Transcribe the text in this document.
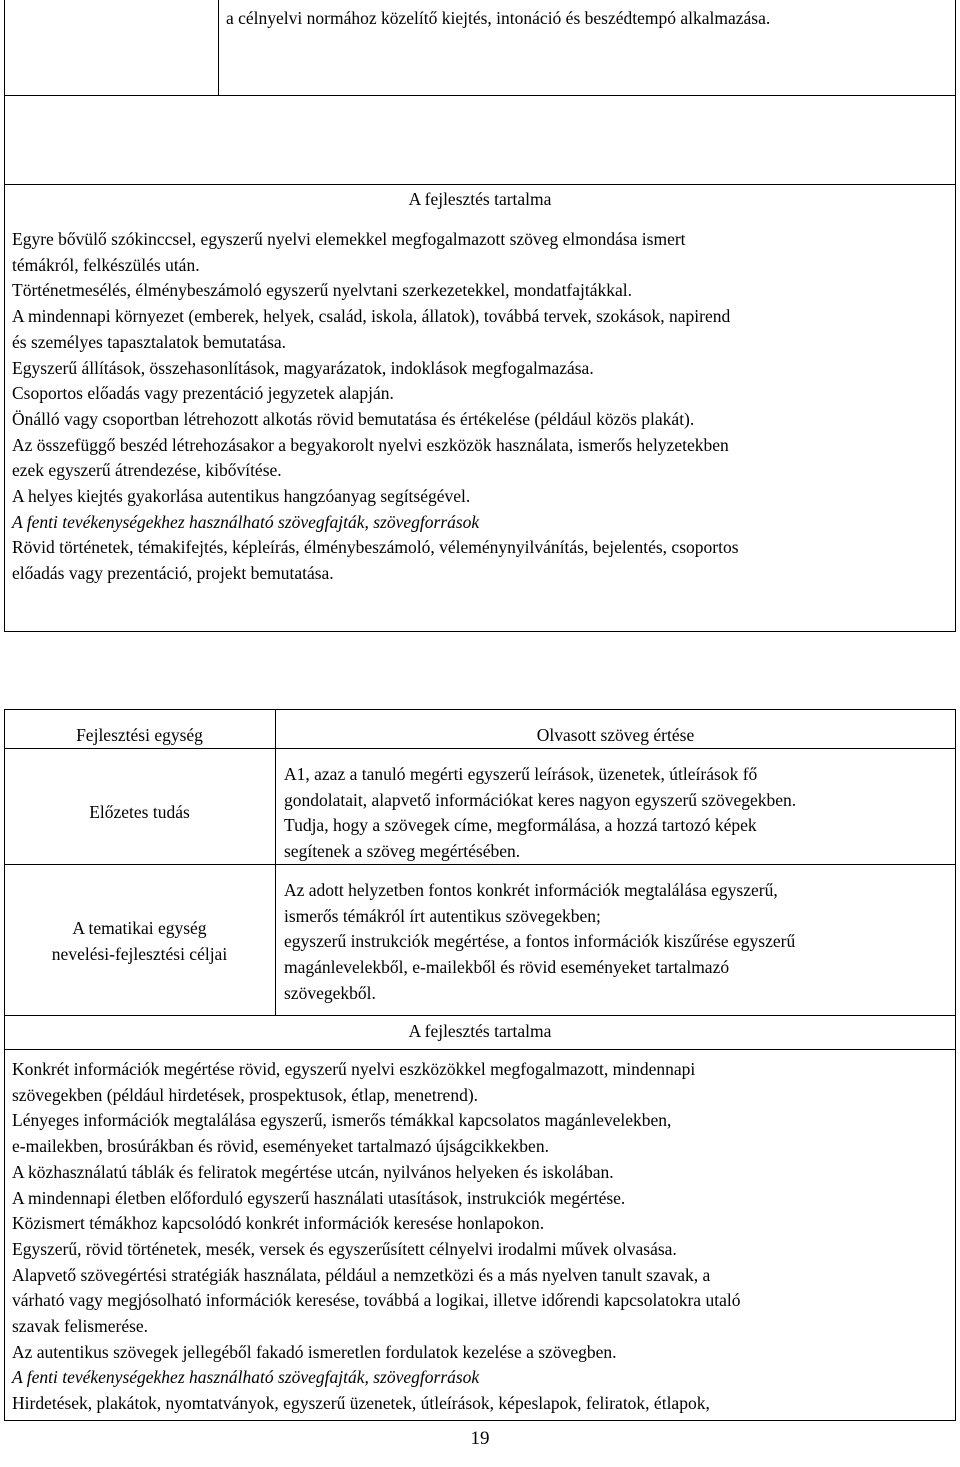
a célnyelvi normához közelítő kiejtés, intonáció és beszédtempó alkalmazása.
A fejlesztés tartalma
Egyre bővülő szókinccsel, egyszerű nyelvi elemekkel megfogalmazott szöveg elmondása ismert
témákról, felkészülés után.
Történetmesélés, élménybeszámoló egyszerű nyelvtani szerkezetekkel, mondatfajtákkal.
A mindennapi környezet (emberek, helyek, család, iskola, állatok), továbbá tervek, szokások, napirend
és személyes tapasztalatok bemutatása.
Egyszerű állítások, összehasonlítások, magyarázatok, indoklások megfogalmazása.
Csoportos előadás vagy prezentáció jegyzetek alapján.
Önálló vagy csoportban létrehozott alkotás rövid bemutatása és értékelése (például közös plakát).
Az összefüggő beszéd létrehozásakor a begyakorolt nyelvi eszközök használata, ismerős helyzetekben
ezek egyszerű átrendezése, kibővítése.
A helyes kiejtés gyakorlása autentikus hangzóanyag segítségével.
A fenti tevékenységekhez használható szövegfajták, szövegforrások
Rövid történetek, témakifejtés, képleírás, élménybeszámoló, véleménynyilvánítás, bejelentés, csoportos
előadás vagy prezentáció, projekt bemutatása.
Fejlesztési egység	Olvasott szöveg értése
Előzetes tudás
A1, azaz a tanuló megérti egyszerű leírások, üzenetek, útleírások fő
gondolatait, alapvető információkat keres nagyon egyszerű szövegekben.
Tudja, hogy a szövegek címe, megformálása, a hozzá tartozó képek
segítenek a szöveg megértésében.
A tematikai egység
nevelési-fejlesztési céljai
Az adott helyzetben fontos konkrét információk megtalálása egyszerű,
ismerős témákról írt autentikus szövegekben;
egyszerű instrukciók megértése, a fontos információk kiszűrése egyszerű
magánlevelekből, e-mailekből és rövid eseményeket tartalmazó
szövegekből.
A fejlesztés tartalma
Konkrét információk megértése rövid, egyszerű nyelvi eszközökkel megfogalmazott, mindennapi
szövegekben (például hirdetések, prospektusok, étlap, menetrend).
Lényeges információk megtalálása egyszerű, ismerős témákkal kapcsolatos magánlevelekben,
e-mailekben, brosúrákban és rövid, eseményeket tartalmazó újságcikkekben.
A közhasználatú táblák és feliratok megértése utcán, nyilvános helyeken és iskolában.
A mindennapi életben előforduló egyszerű használati utasítások, instrukciók megértése.
Közismert témákhoz kapcsolódó konkrét információk keresése honlapokon.
Egyszerű, rövid történetek, mesék, versek és egyszerűsített célnyelvi irodalmi művek olvasása.
Alapvető szövegértési stratégiák használata, például a nemzetközi és a más nyelven tanult szavak, a
várható vagy megjósolható információk keresése, továbbá a logikai, illetve időrendi kapcsolatokra utaló
szavak felismerése.
Az autentikus szövegek jellegéből fakadó ismeretlen fordulatok kezelése a szövegben.
A fenti tevékenységekhez használható szövegfajták, szövegforrások
Hirdetések, plakátok, nyomtatványok, egyszerű üzenetek, útleírások, képeslapok, feliratok, étlapok,
19
